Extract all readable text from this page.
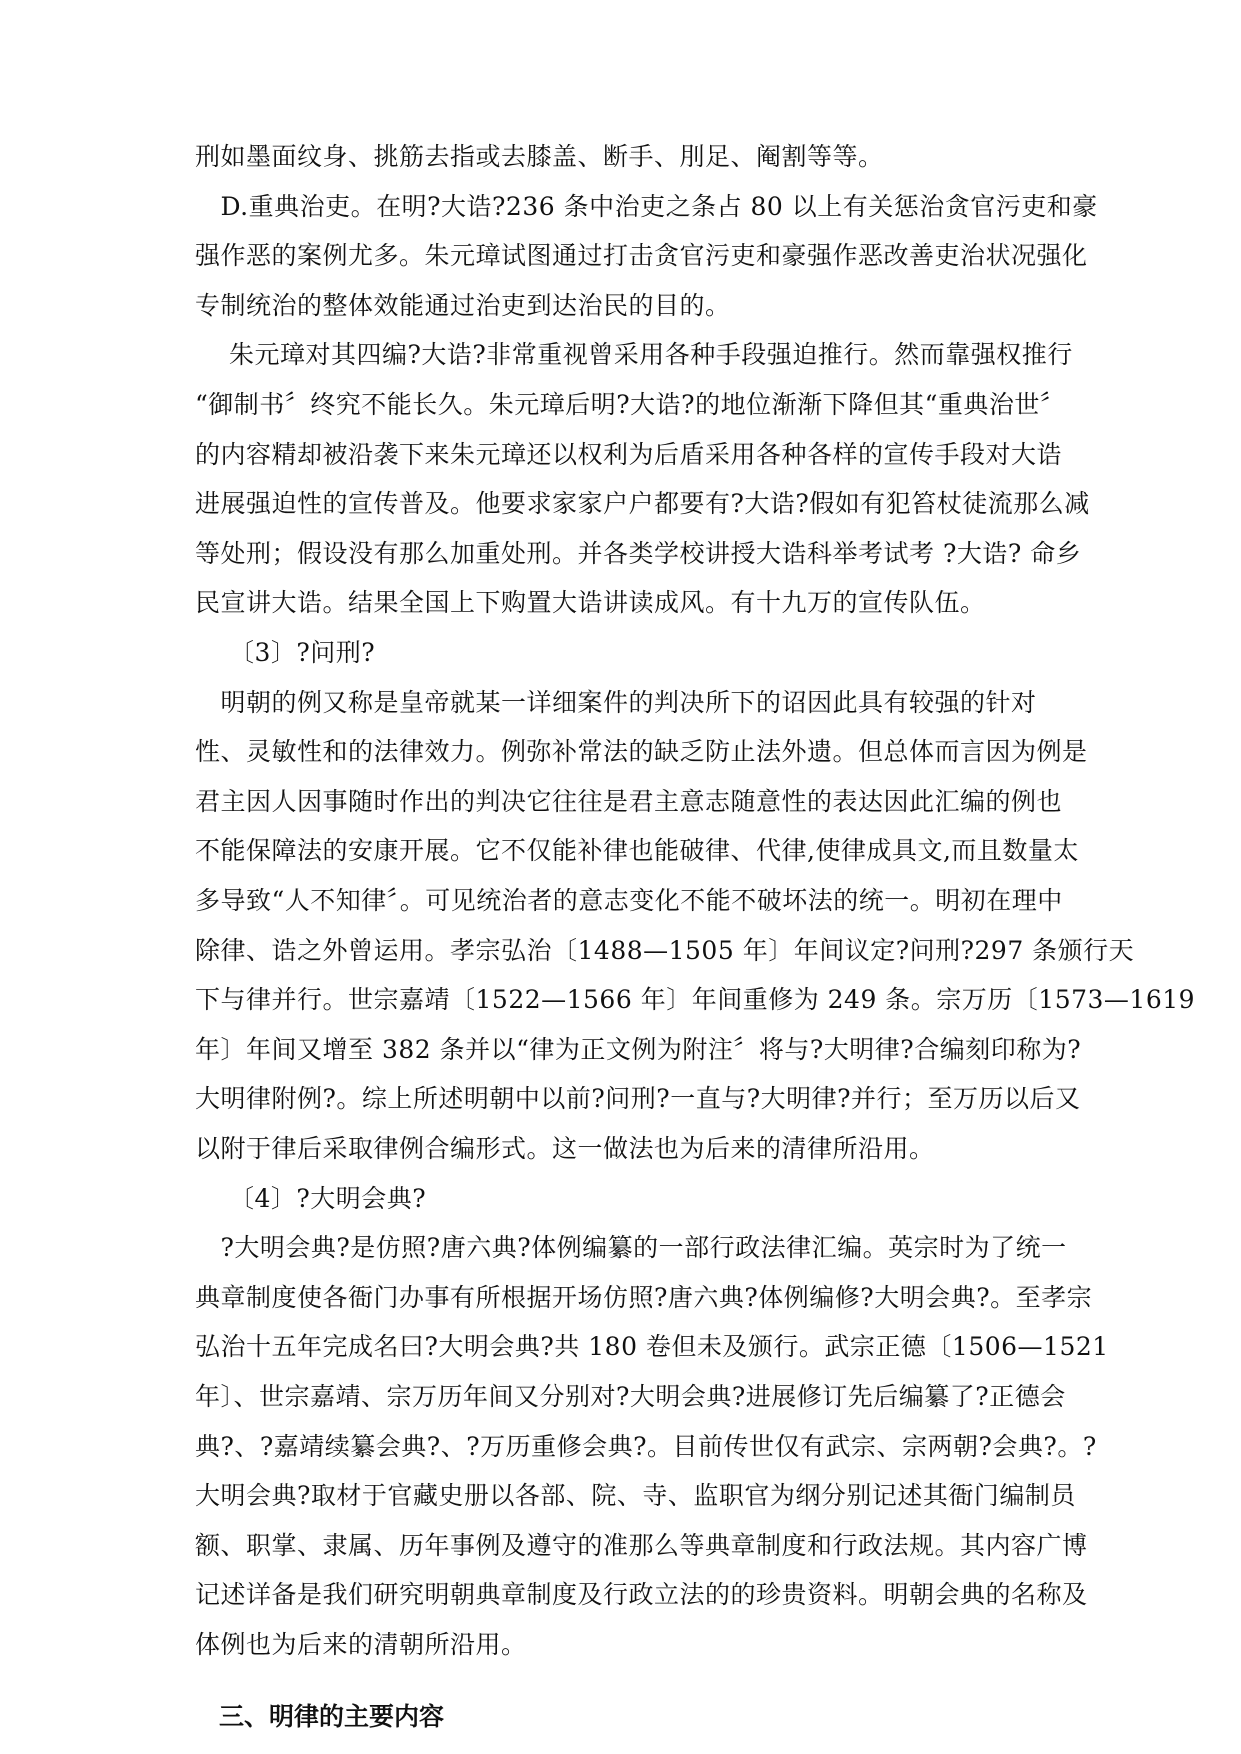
刑如墨面纹身、挑筋去指或去膝盖、断手、刖足、阉割等等。
　D.重典治吏。在明?大诰?236 条中治吏之条占 80 以上有关惩治贪官污吏和豪
强作恶的案例尤多。朱元璋试图通过打击贪官污吏和豪强作恶改善吏治状况强化
专制统治的整体效能通过治吏到达治民的目的。
　 朱元璋对其四编?大诰?非常重视曾采用各种手段强迫推行。然而靠强权推行
“御制书〞终究不能长久。朱元璋后明?大诰?的地位渐渐下降但其“重典治世〞
的内容精却被沿袭下来朱元璋还以权利为后盾采用各种各样的宣传手段对大诰
进展强迫性的宣传普及。他要求家家户户都要有?大诰?假如有犯笞杖徒流那么减
等处刑；假设没有那么加重处刑。并各类学校讲授大诰科举考试考 ?大诰? 命乡
民宣讲大诰。结果全国上下购置大诰讲读成风。有十九万的宣传队伍。
　 〔3〕?问刑?
　明朝的例又称是皇帝就某一详细案件的判决所下的诏因此具有较强的针对
性、灵敏性和的法律效力。例弥补常法的缺乏防止法外遗。但总体而言因为例是
君主因人因事随时作出的判决它往往是君主意志随意性的表达因此汇编的例也
不能保障法的安康开展。它不仅能补律也能破律、代律,使律成具文,而且数量太
多导致“人不知律〞。可见统治者的意志变化不能不破坏法的统一。明初在理中
除律、诰之外曾运用。孝宗弘治〔1488—1505 年〕年间议定?问刑?297 条颁行天
下与律并行。世宗嘉靖〔1522—1566 年〕年间重修为 249 条。宗万历〔1573—1619
年〕年间又增至 382 条并以“律为正文例为附注〞将与?大明律?合编刻印称为?
大明律附例?。综上所述明朝中以前?问刑?一直与?大明律?并行；至万历以后又
以附于律后采取律例合编形式。这一做法也为后来的清律所沿用。
　 〔4〕?大明会典?
　?大明会典?是仿照?唐六典?体例编纂的一部行政法律汇编。英宗时为了统一
典章制度使各衙门办事有所根据开场仿照?唐六典?体例编修?大明会典?。至孝宗
弘治十五年完成名曰?大明会典?共 180 卷但未及颁行。武宗正德〔1506—1521
年〕、世宗嘉靖、宗万历年间又分别对?大明会典?进展修订先后编纂了?正德会
典?、?嘉靖续纂会典?、?万历重修会典?。目前传世仅有武宗、宗两朝?会典?。?
大明会典?取材于官藏史册以各部、院、寺、监职官为纲分别记述其衙门编制员
额、职掌、隶属、历年事例及遵守的准那么等典章制度和行政法规。其内容广博
记述详备是我们研究明朝典章制度及行政立法的的珍贵资料。明朝会典的名称及
体例也为后来的清朝所沿用。
三、明律的主要内容
